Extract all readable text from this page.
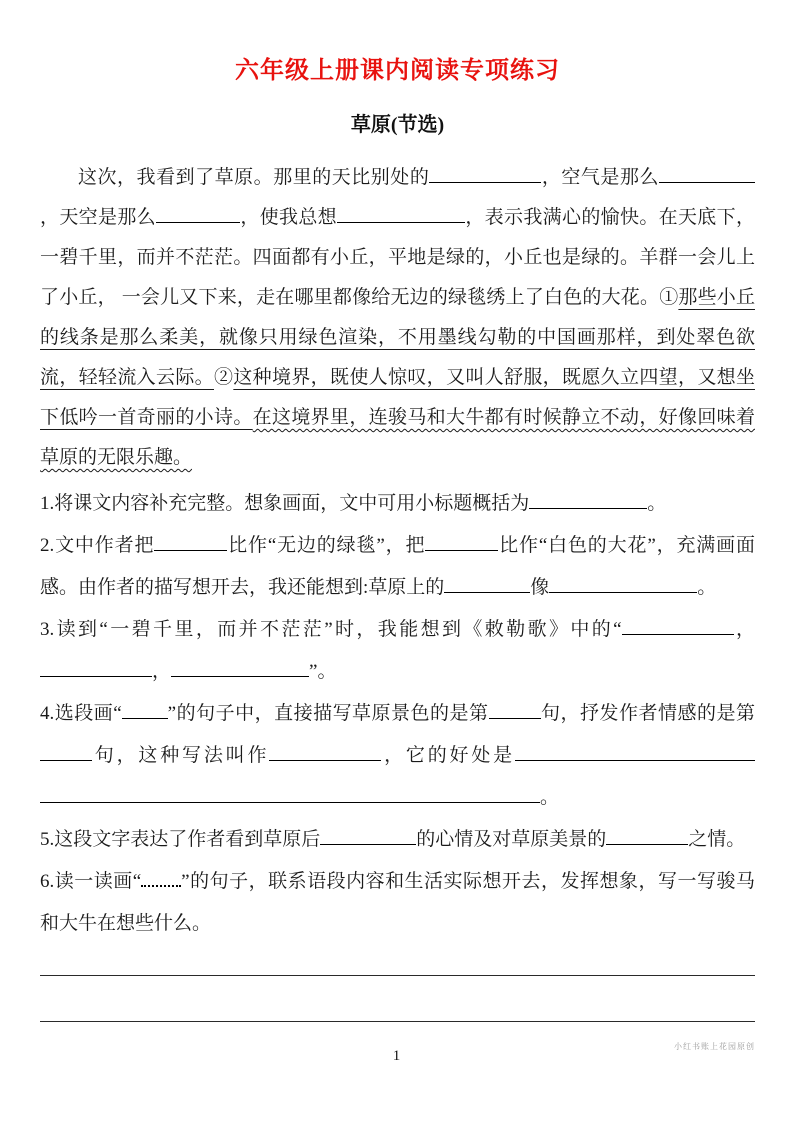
六年级上册课内阅读专项练习
草原(节选)

这次，我看到了草原。那里的天比别处的	，空气是那么，天空是那么	，使我总想	，表示我满心的愉快。在天底下，一碧千里，而并不茫茫。四面都有小丘，平地是绿的，小丘也是绿的。羊群一会儿上了小丘， 一会儿又下来，走在哪里都像给无边的绿毯绣上了白色的大花。①那些小丘的线条是那么柔美，就像只用绿色渲染，不用墨线勾勒的中国画那样，到处翠色欲流，轻轻流入云际。②这种境界，既使人惊叹，又叫人舒服，既愿久立四望，又想坐下低吟一首奇丽的小诗。在这境界里，连骏马和大牛都有时候静立不动，好像回味着草原的无限乐趣。

1.将课文内容补充完整。想象画面，文中可用小标题概括为	。

2.文中作者把	比作“无边的绿毯”，把	比作“白色的大花”，充满画面感。由作者的描写想开去，我还能想到:草原上的	像	。

3.读到“一碧千里，而并不茫茫”时，我能想到《敕勒歌》中的“	，，	”。

4.选段画“ ”的句子中，直接描写草原景色的是第	句，抒发作者情感的是第句，这种写法叫作	，它的好处是。

5.这段文字表达了作者看到草原后	的心情及对草原美景的	之情。

6.读一读画“ ”的句子，联系语段内容和生活实际想开去，发挥想象，写一写骏马和大牛在想些什么。

小红书账上花园原创
1
